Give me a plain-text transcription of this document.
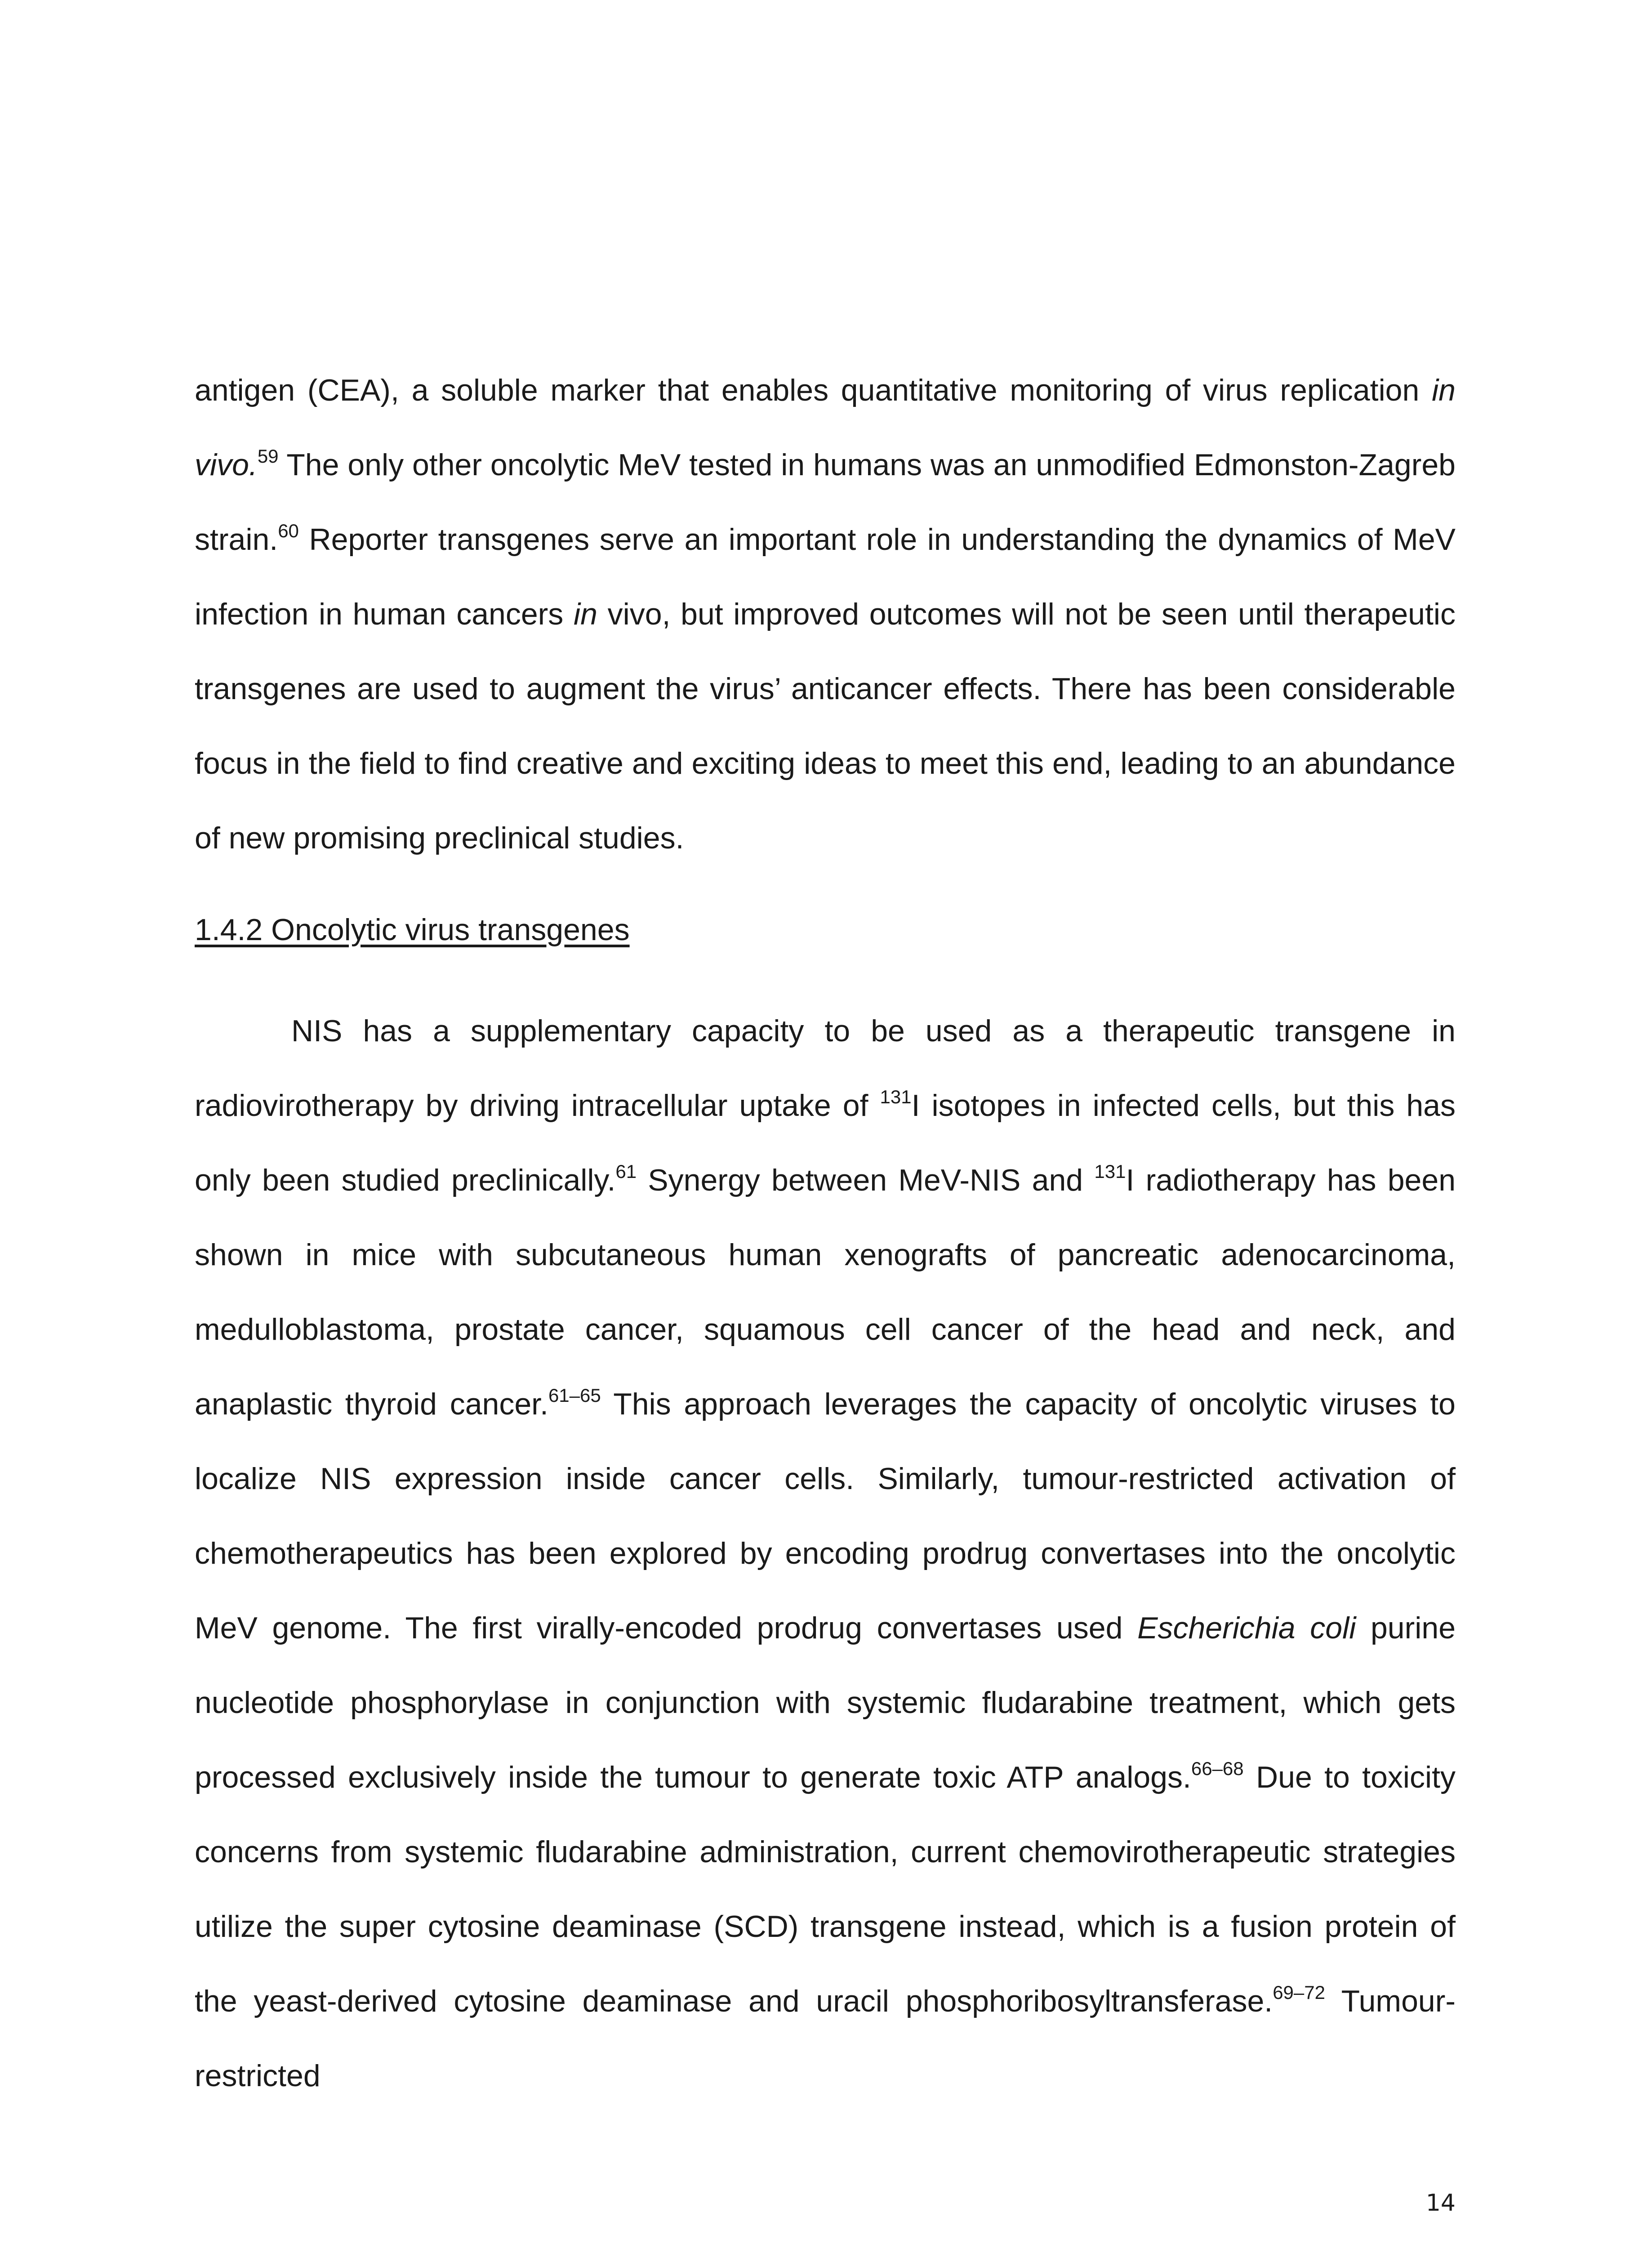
antigen (CEA), a soluble marker that enables quantitative monitoring of virus replication in vivo.$^{59}$ The only other oncolytic MeV tested in humans was an unmodified Edmonston-Zagreb strain.$^{60}$ Reporter transgenes serve an important role in understanding the dynamics of MeV infection in human cancers in vivo, but improved outcomes will not be seen until therapeutic transgenes are used to augment the virus’ anticancer effects. There has been considerable focus in the field to find creative and exciting ideas to meet this end, leading to an abundance of new promising preclinical studies.

1.4.2 Oncolytic virus transgenes

NIS has a supplementary capacity to be used as a therapeutic transgene in radiovirotherapy by driving intracellular uptake of $^{131}$I isotopes in infected cells, but this has only been studied preclinically.$^{61}$ Synergy between MeV-NIS and $^{131}$I radiotherapy has been shown in mice with subcutaneous human xenografts of pancreatic adenocarcinoma, medulloblastoma, prostate cancer, squamous cell cancer of the head and neck, and anaplastic thyroid cancer.$^{61-65}$ This approach leverages the capacity of oncolytic viruses to localize NIS expression inside cancer cells. Similarly, tumour-restricted activation of chemotherapeutics has been explored by encoding prodrug convertases into the oncolytic MeV genome. The first virally-encoded prodrug convertases used Escherichia coli purine nucleotide phosphorylase in conjunction with systemic fludarabine treatment, which gets processed exclusively inside the tumour to generate toxic ATP analogs.$^{66-68}$ Due to toxicity concerns from systemic fludarabine administration, current chemovirotherapeutic strategies utilize the super cytosine deaminase (SCD) transgene instead, which is a fusion protein of the yeast-derived cytosine deaminase and uracil phosphoribosyltransferase.$^{69-72}$ Tumour-restricted

14
